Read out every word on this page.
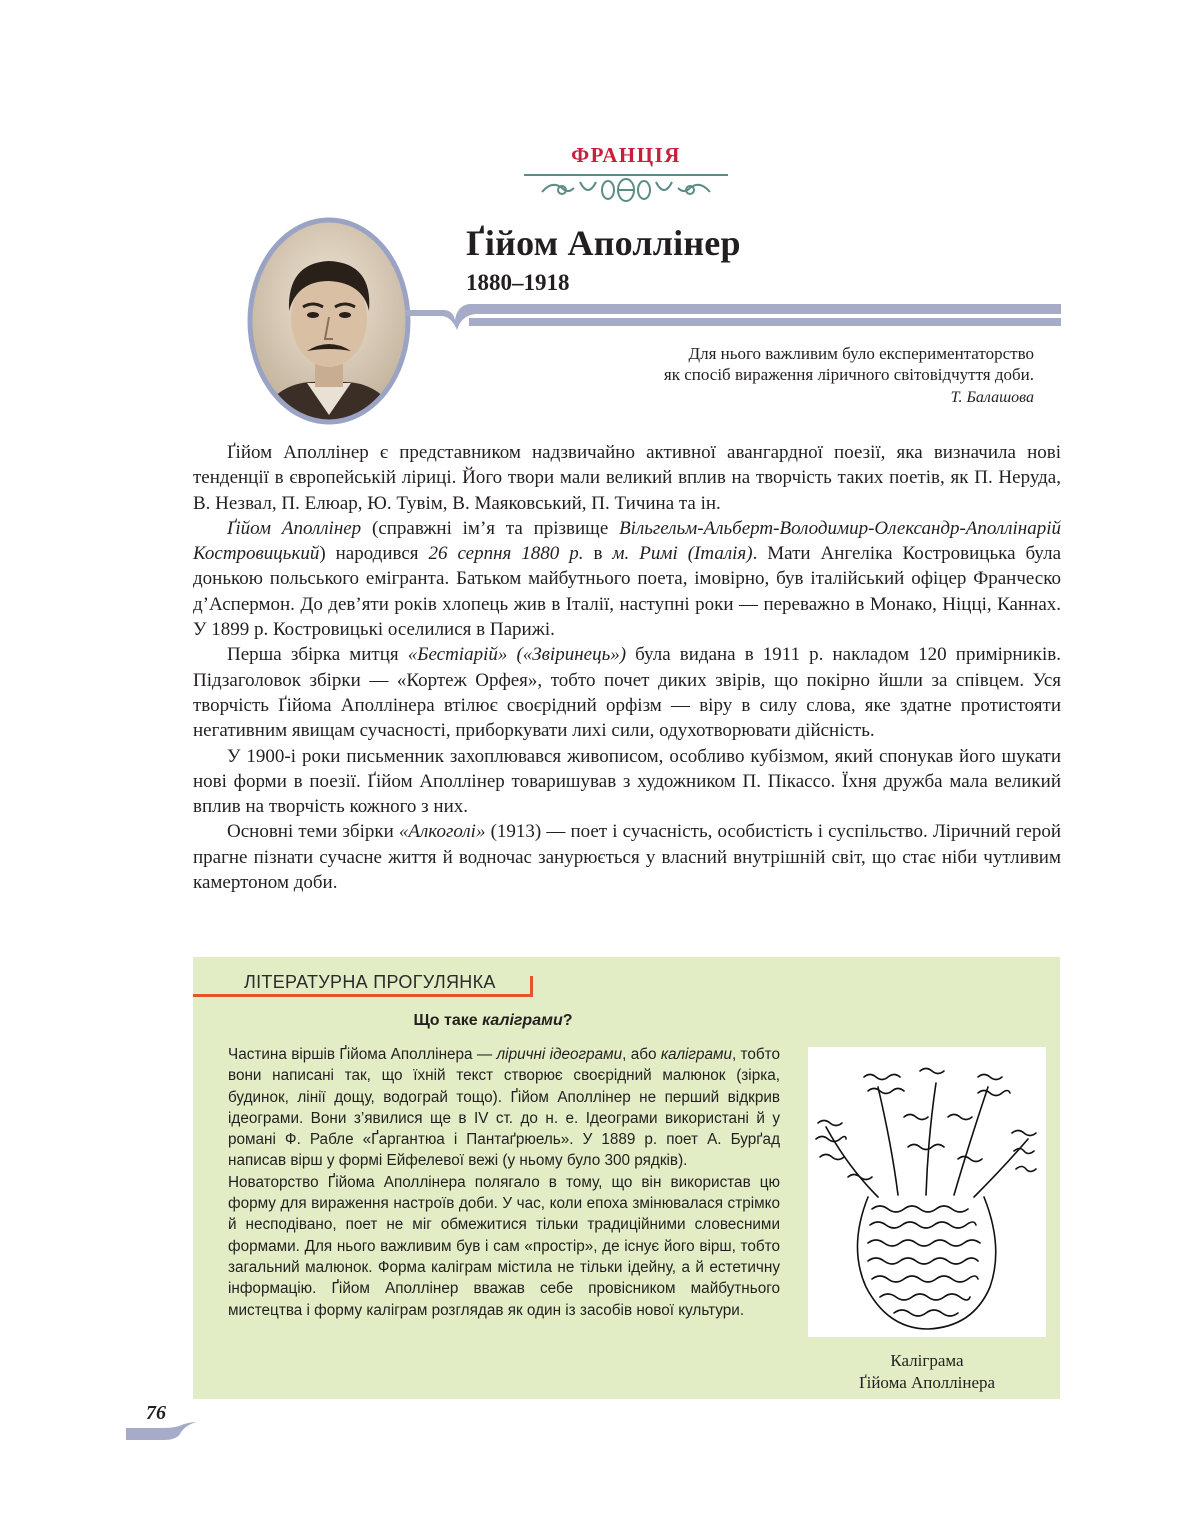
ФРАНЦІЯ
Ґійом Аполлінер
1880–1918
Для нього важливим було експериментаторство
як спосіб вираження ліричного світовідчуття доби.
Т. Балашова

Ґійом Аполлінер є представником надзвичайно активної авангардної поезії, яка визначила нові тенденції в європейській ліриці. Його твори мали великий вплив на творчість таких поетів, як П. Неруда, В. Незвал, П. Елюар, Ю. Тувім, В. Маяковський, П. Тичина та ін.

Ґійом Аполлінер (справжні ім’я та прізвище Вільгельм-Альберт-Володимир-Олександр-Аполлінарій Костровицький) народився 26 серпня 1880 р. в м. Римі (Італія). Мати Ангеліка Костровицька була донькою польського емігранта. Батьком майбутнього поета, імовірно, був італійський офіцер Франческо д’Аспермон. До дев’яти років хлопець жив в Італії, наступні роки — переважно в Монако, Ніцці, Каннах. У 1899 р. Костровицькі оселилися в Парижі.

Перша збірка митця «Бестіарій» («Звіринець») була видана в 1911 р. накладом 120 примірників. Підзаголовок збірки — «Кортеж Орфея», тобто почет диких звірів, що покірно йшли за співцем. Уся творчість Ґійома Аполлінера втілює своєрідний орфізм — віру в силу слова, яке здатне протистояти негативним явищам сучасності, приборкувати лихі сили, одухотворювати дійсність.

У 1900-і роки письменник захоплювався живописом, особливо кубізмом, який спонукав його шукати нові форми в поезії. Ґійом Аполлінер товаришував з художником П. Пікассо. Їхня дружба мала великий вплив на творчість кожного з них.

Основні теми збірки «Алкоголі» (1913) — поет і сучасність, особистість і суспільство. Ліричний герой прагне пізнати сучасне життя й водночас занурюється у власний внутрішній світ, що стає ніби чутливим камертоном доби.

ЛІТЕРАТУРНА ПРОГУЛЯНКА
Що таке каліграми?

Частина віршів Ґійома Аполлінера — ліричні ідеограми, або каліграми, тобто вони написані так, що їхній текст створює своєрідний малюнок (зірка, будинок, лінії дощу, водограй тощо). Ґійом Аполлінер не перший відкрив ідеограми. Вони з’явилися ще в IV ст. до н. е. Ідеограми використані й у романі Ф. Рабле «Ґаргантюа і Пантаґрюель». У 1889 р. поет А. Бурґад написав вірш у формі Ейфелевої вежі (у ньому було 300 рядків).

Новаторство Ґійома Аполлінера полягало в тому, що він використав цю форму для вираження настроїв доби. У час, коли епоха змінювалася стрімко й несподівано, поет не міг обмежитися тільки традиційними словесними формами. Для нього важливим був і сам «простір», де існує його вірш, тобто загальний малюнок. Форма каліграм містила не тільки ідейну, а й естетичну інформацію. Ґійом Аполлінер вважав себе провісником майбутнього мистецтва і форму каліграм розглядав як один із засобів нової культури.

Каліграма
Ґійома Аполлінера
76
